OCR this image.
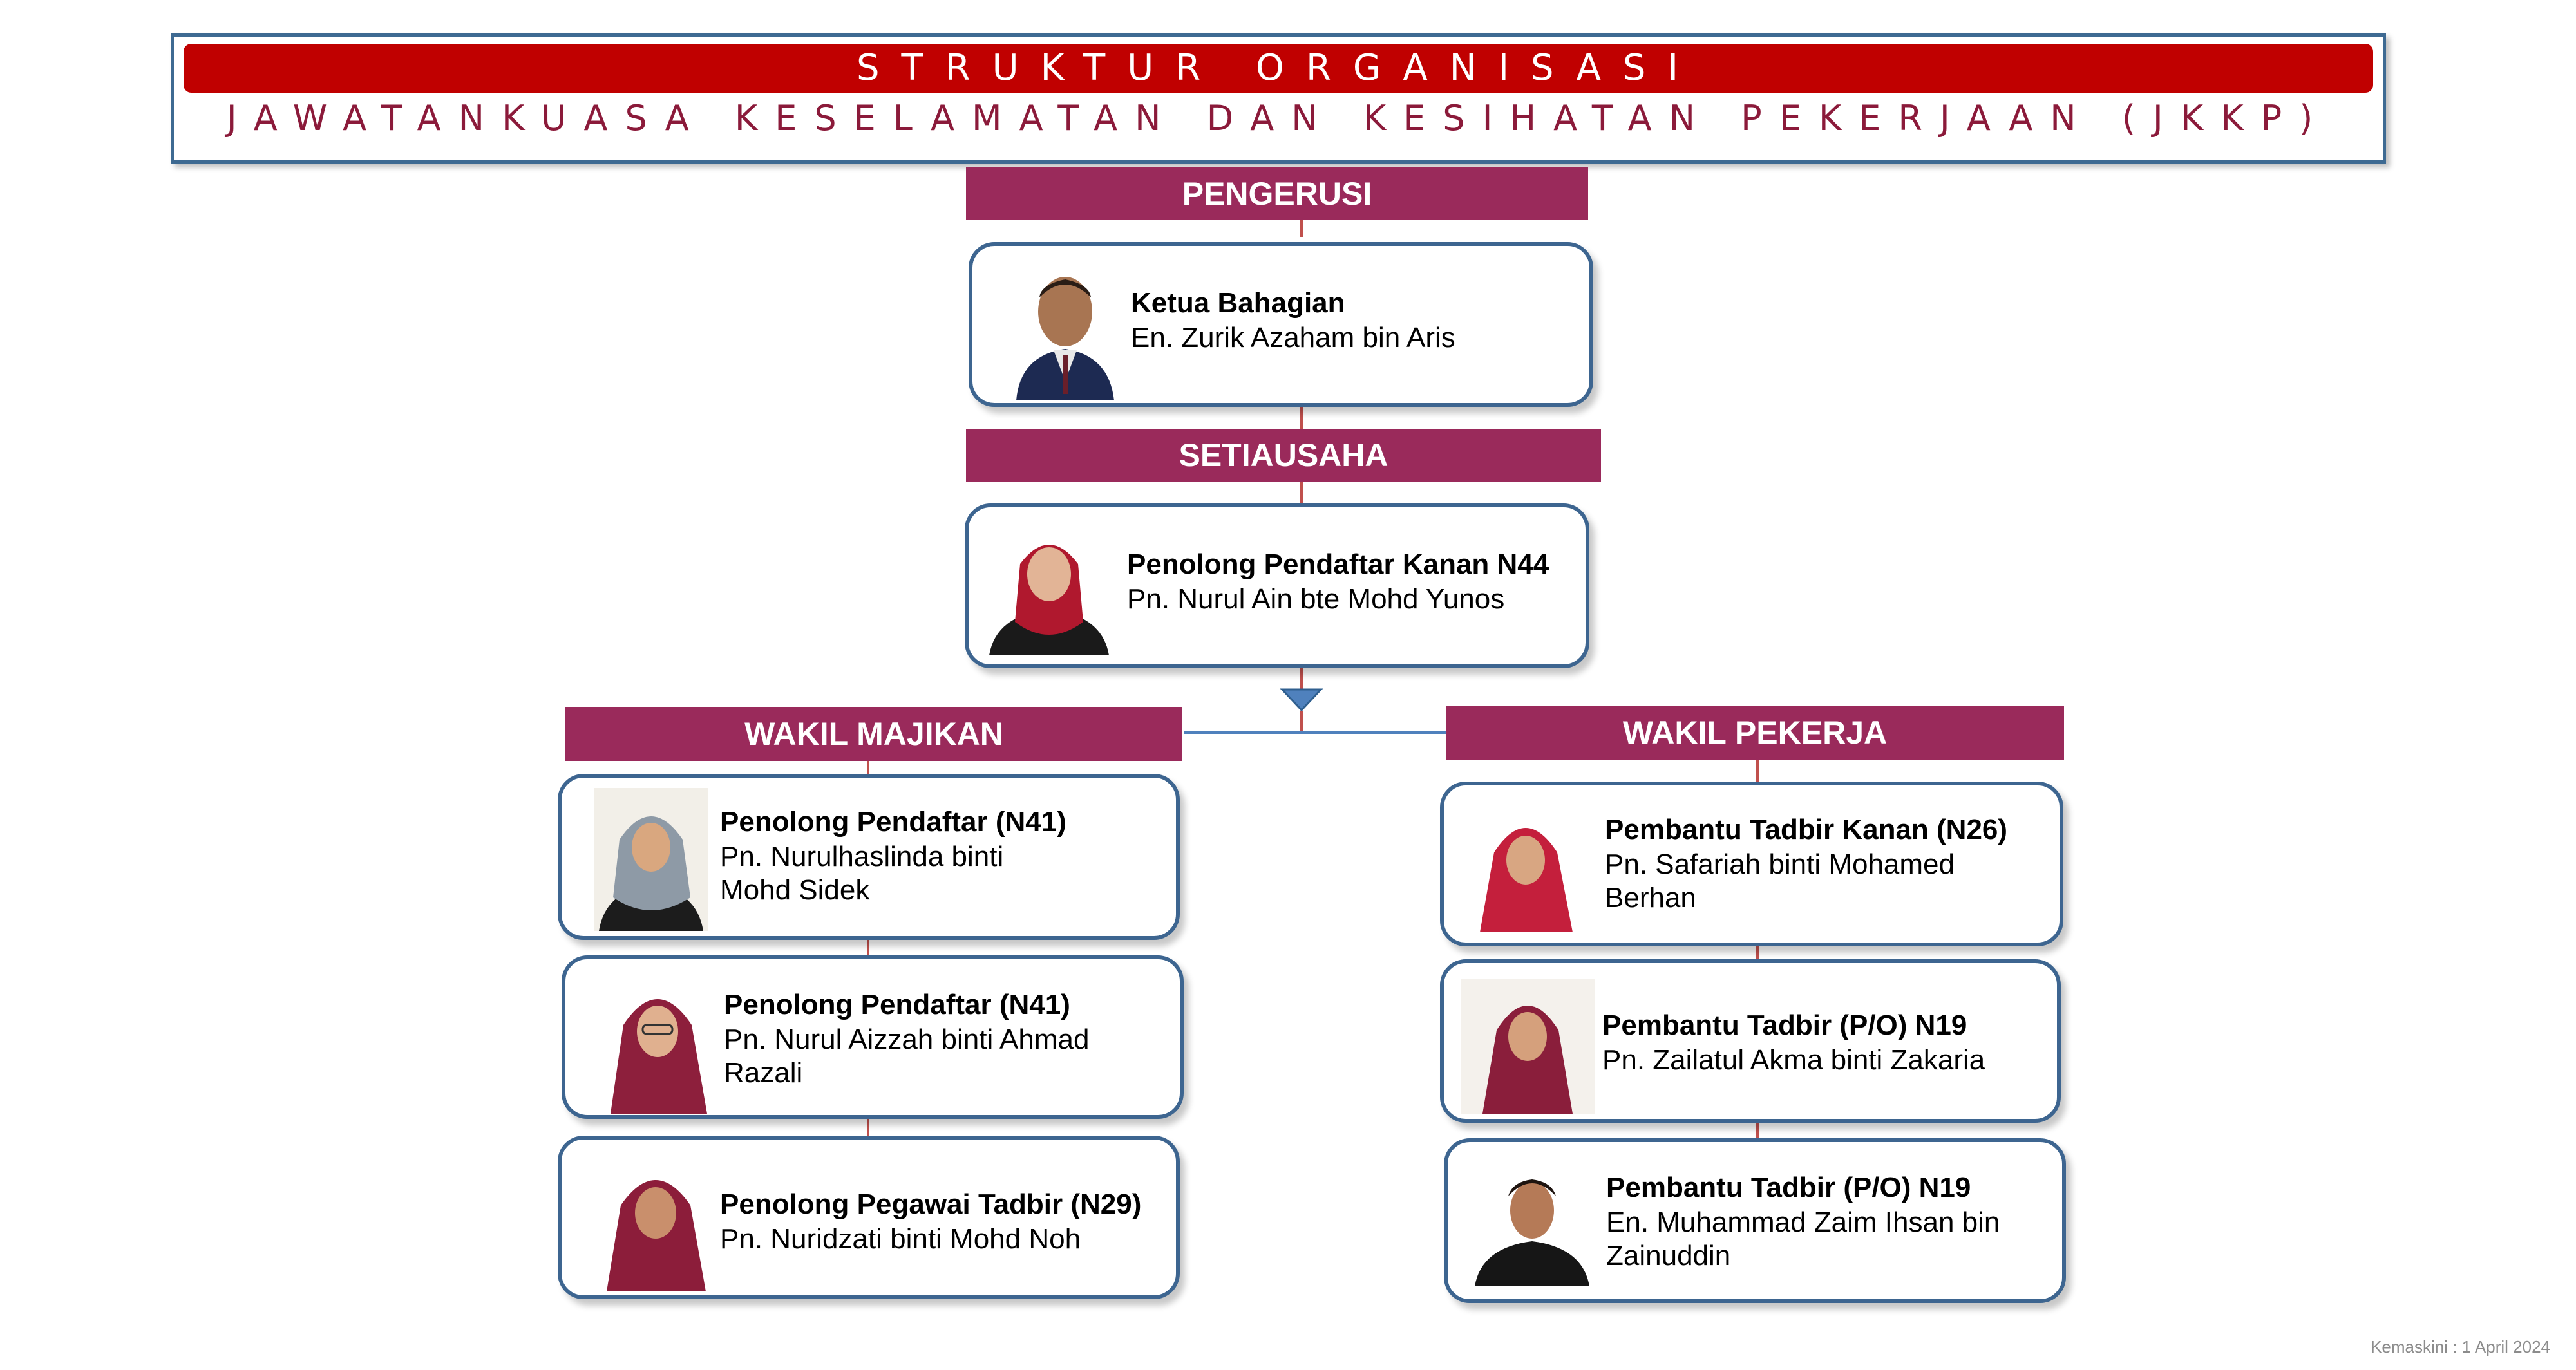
STRUKTUR ORGANISASI
JAWATANKUASA KESELAMATAN DAN KESIHATAN PEKERJAAN (JKKP)
PENGERUSI
SETIAUSAHA
WAKIL MAJIKAN	WAKIL PEKERJA
Ketua Bahagian
En. Zurik Azaham bin Aris
Penolong Pendaftar Kanan N44
Pn. Nurul Ain bte Mohd Yunos
Penolong Pendaftar (N41)
Pn. Nurulhaslinda binti
Mohd Sidek
Penolong Pendaftar (N41)
Pn. Nurul Aizzah binti Ahmad
Razali
Penolong Pegawai Tadbir (N29)
Pn. Nuridzati binti Mohd Noh
Pembantu Tadbir Kanan (N26)
Pn. Safariah binti Mohamed
Berhan
Pembantu Tadbir (P/O) N19
Pn. Zailatul Akma binti Zakaria
Pembantu Tadbir (P/O) N19
En. Muhammad Zaim Ihsan bin
Zainuddin
Kemaskini : 1 April 2024
